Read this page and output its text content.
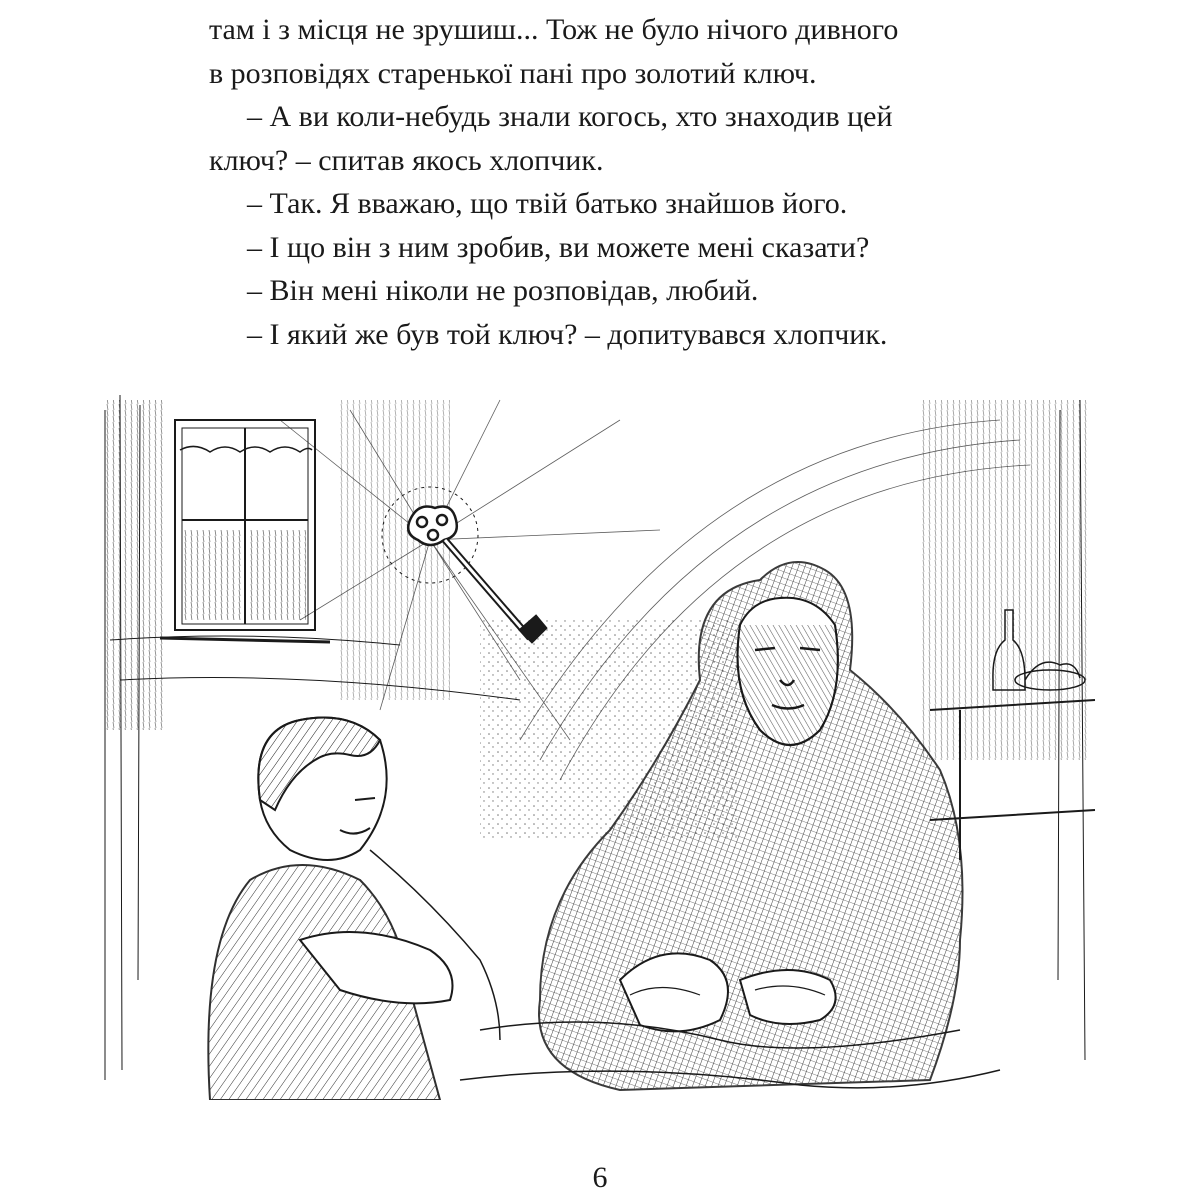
там і з місця не зрушиш... Тож не було нічого дивного

в розповідях старенької пані про золотий ключ.

– А ви коли-небудь знали когось, хто знаходив цей

ключ? – спитав якось хлопчик.

– Так. Я вважаю, що твій батько знайшов його.

– І що він з ним зробив, ви можете мені сказати?

– Він мені ніколи не розповідав, любий.

– І який же був той ключ? – допитувався хлопчик.

6
